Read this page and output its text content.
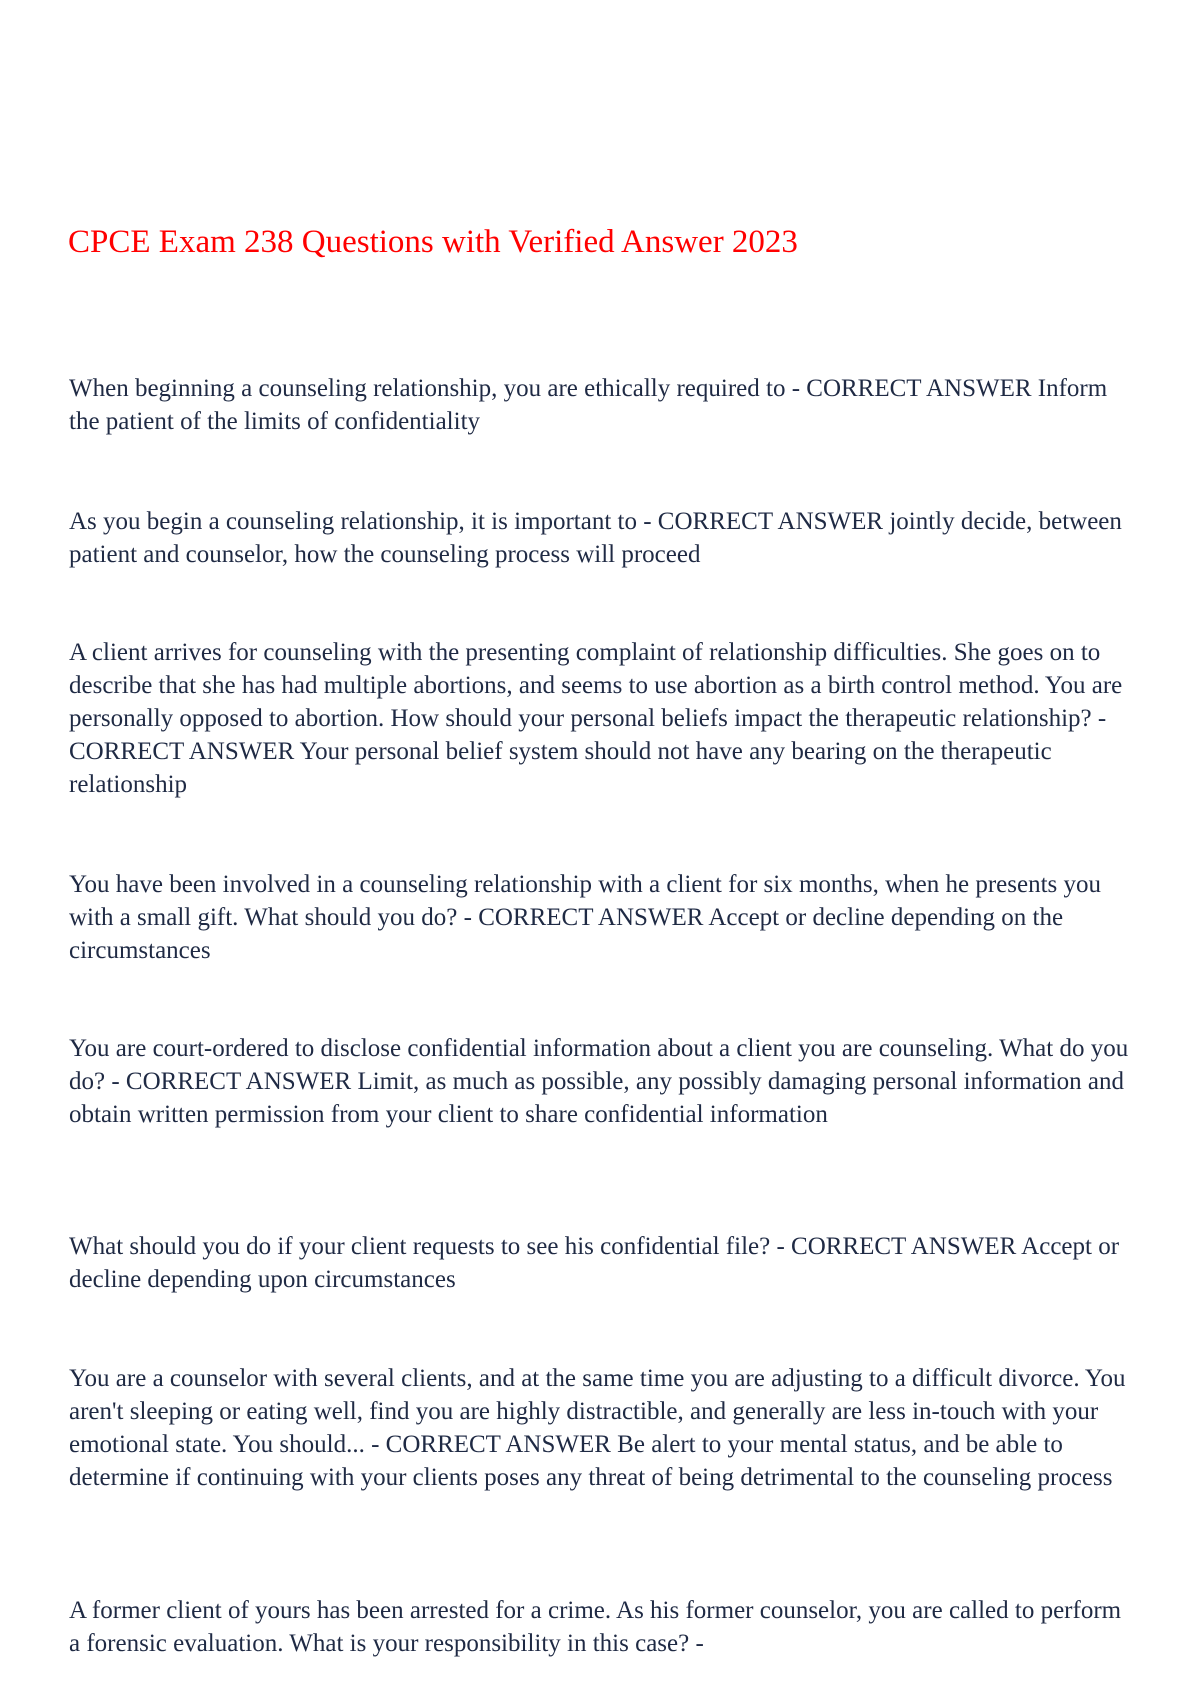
CPCE Exam 238 Questions with Verified Answer 2023

When beginning a counseling relationship, you are ethically required to - CORRECT ANSWER Inform the patient of the limits of confidentiality

As you begin a counseling relationship, it is important to - CORRECT ANSWER jointly decide, between patient and counselor, how the counseling process will proceed

A client arrives for counseling with the presenting complaint of relationship difficulties. She goes on to describe that she has had multiple abortions, and seems to use abortion as a birth control method. You are personally opposed to abortion. How should your personal beliefs impact the therapeutic relationship? - CORRECT ANSWER Your personal belief system should not have any bearing on the therapeutic relationship

You have been involved in a counseling relationship with a client for six months, when he presents you with a small gift. What should you do? - CORRECT ANSWER Accept or decline depending on the circumstances

You are court-ordered to disclose confidential information about a client you are counseling. What do you do? - CORRECT ANSWER Limit, as much as possible, any possibly damaging personal information and obtain written permission from your client to share confidential information

What should you do if your client requests to see his confidential file? - CORRECT ANSWER Accept or decline depending upon circumstances

You are a counselor with several clients, and at the same time you are adjusting to a difficult divorce. You aren't sleeping or eating well, find you are highly distractible, and generally are less in-touch with your emotional state. You should... - CORRECT ANSWER Be alert to your mental status, and be able to determine if continuing with your clients poses any threat of being detrimental to the counseling process

A former client of yours has been arrested for a crime. As his former counselor, you are called to perform a forensic evaluation. What is your responsibility in this case? -
